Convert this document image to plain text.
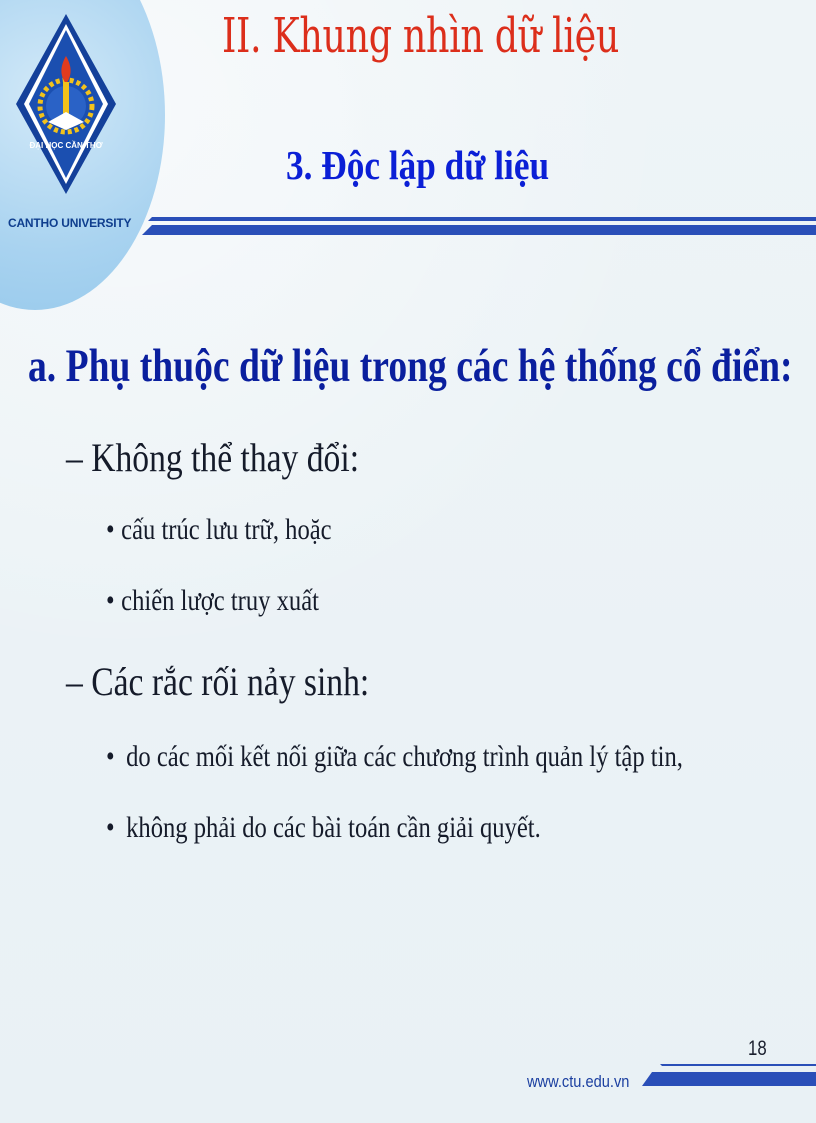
ĐẠI HỌC CẦN THƠ
CANTHO UNIVERSITY
II. Khung nhìn dữ liệu
3. Độc lập dữ liệu
a. Phụ thuộc dữ liệu trong các hệ thống cổ điển:
– Không thể thay đổi:
• cấu trúc lưu trữ, hoặc
• chiến lược truy xuất
– Các rắc rối nảy sinh:
• do các mối kết nối giữa các chương trình quản lý tập tin,
• không phải do các bài toán cần giải quyết.
18
www.ctu.edu.vn
